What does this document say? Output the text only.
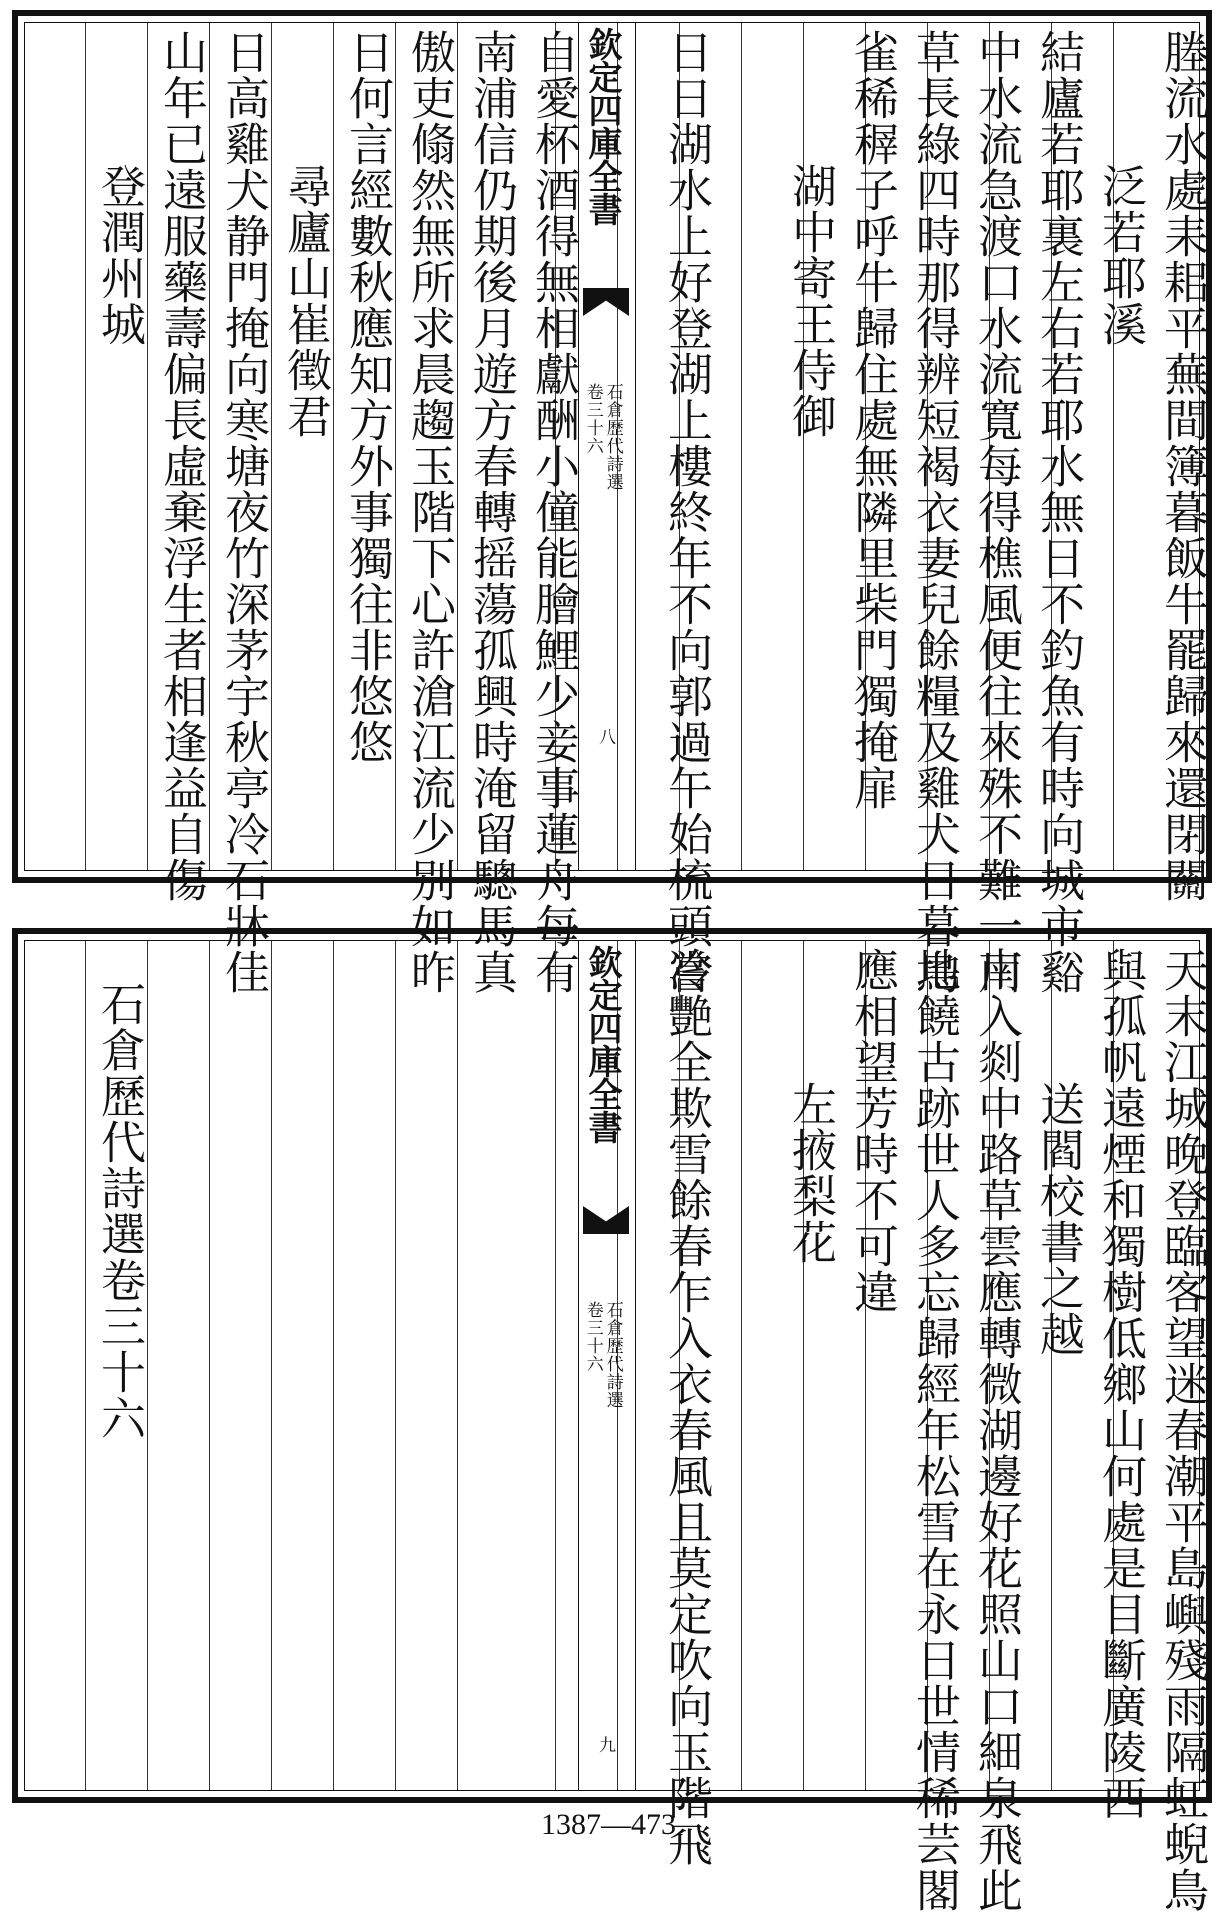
塍流水處耒耜平蕪間簿暮飯牛罷歸來還閉關
泛若耶溪
結廬若耶裏左右若耶水無日不釣魚有時向城市谿
中水流急渡口水流寬每得樵風便往來殊不難一川
草長綠四時那得辨短褐衣妻兒餘糧及雞犬日暮鳥
雀稀稺子呼牛歸住處無隣里柴門獨掩扉
湖中寄王侍御
日日湖水上好登湖上樓終年不向郭過午始梳頭嘗
欽定四庫全書
石倉歷代詩選
卷三十六
八
自愛杯酒得無相獻酬小僮能膾鯉少妾事蓮舟每有
南浦信仍期後月遊方春轉摇蕩孤興時淹留驄馬真
傲吏翛然無所求晨趨玉階下心許滄江流少别如昨
日何言經數秋應知方外事獨往非悠悠
尋廬山崔徵君
日高雞犬静門掩向寒塘夜竹深茅宇秋亭冷石牀佳
山年已遠服藥壽偏長虛棄浮生者相逢益自傷
登潤州城
天末江城晚登臨客望迷春潮平島嶼殘雨隔虹蜺鳥
與孤帆遠煙和獨樹低鄉山何處是目斷廣陵西
送閻校書之越
南入剡中路草雲應轉微湖邊好花照山口細泉飛此
地饒古跡世人多忘歸經年松雪在永日世情稀芸閣
應相望芳時不可違
左掖梨花
冷艷全欺雪餘春乍入衣春風且莫定吹向玉階飛
欽定四庫全書
石倉歷代詩選
卷三十六
九
石倉歷代詩選卷三十六
1387—473
